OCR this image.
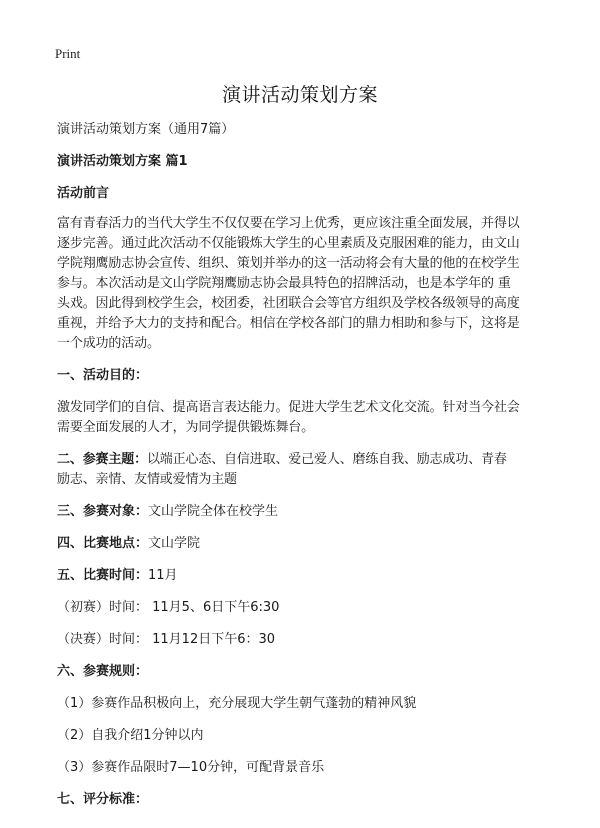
Print
演讲活动策划方案

演讲活动策划方案（通用7篇）

演讲活动策划方案 篇1

活动前言

富有青春活力的当代大学生不仅仅要在学习上优秀，更应该注重全面发展，并得以

逐步完善。通过此次活动不仅能锻炼大学生的心里素质及克服困难的能力，由文山

学院翔鹰励志协会宣传、组织、策划并举办的这一活动将会有大量的他的在校学生

参与。本次活动是文山学院翔鹰励志协会最具特色的招牌活动，也是本学年的 重

头戏。因此得到校学生会，校团委，社团联合会等官方组织及学校各级领导的高度

重视，并给予大力的支持和配合。相信在学校各部门的鼎力相助和参与下，这将是

一个成功的活动。

一、活动目的：

激发同学们的自信、提高语言表达能力。促进大学生艺术文化交流。针对当今社会

需要全面发展的人才，为同学提供锻炼舞台。

二、参赛主题：以端正心态、自信进取、爱己爱人、磨练自我、励志成功、青春

励志、亲情、友情或爱情为主题

三、参赛对象：文山学院全体在校学生

四、比赛地点：文山学院

五、比赛时间：11月

（初赛）时间： 11月5、6日下午6:30

（决赛）时间： 11月12日下午6：30

六、参赛规则：

（1）参赛作品积极向上，充分展现大学生朝气蓬勃的精神风貌

（2）自我介绍1分钟以内

（3）参赛作品限时7—10分钟，可配背景音乐

七、评分标准：
